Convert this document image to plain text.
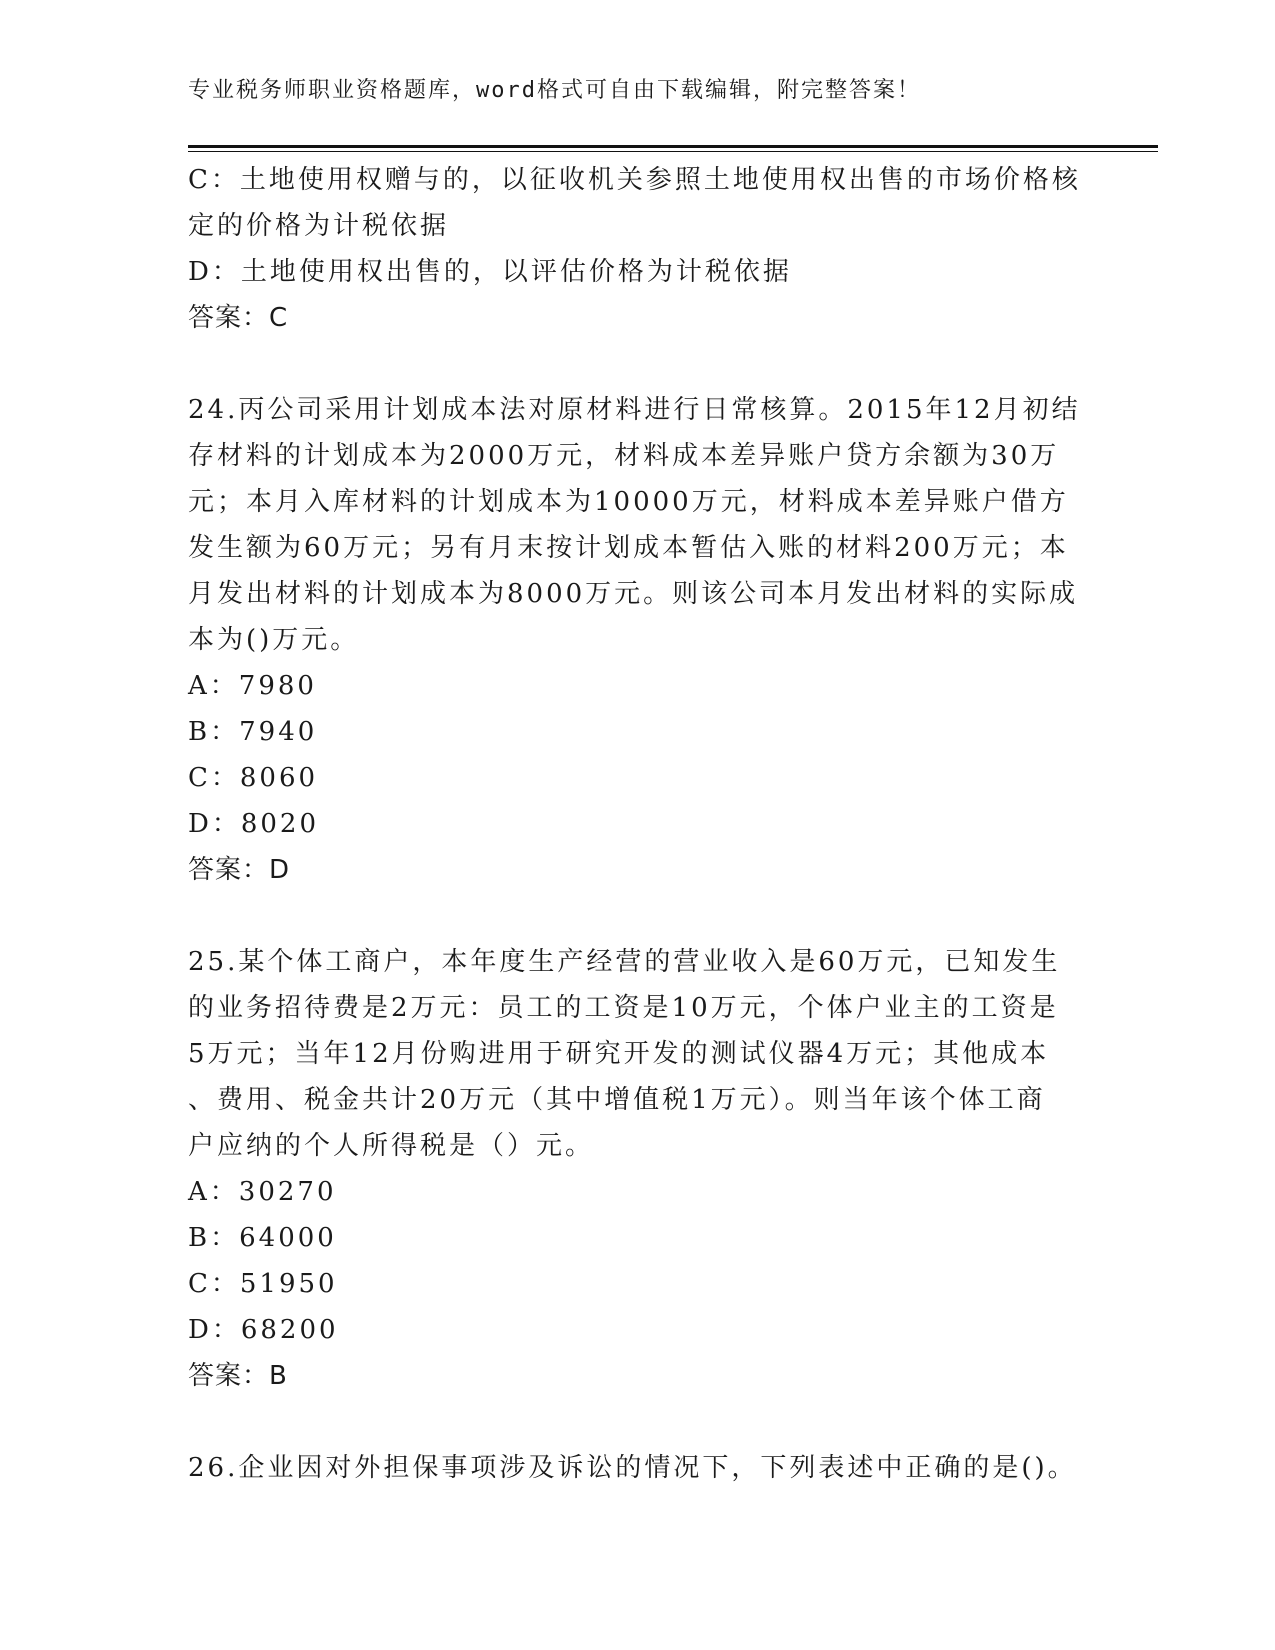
专业税务师职业资格题库，word格式可自由下载编辑，附完整答案！
C：土地使用权赠与的，以征收机关参照土地使用权出售的市场价格核
定的价格为计税依据
D：土地使用权出售的，以评估价格为计税依据
答案：C
24.丙公司采用计划成本法对原材料进行日常核算。2015年12月初结
存材料的计划成本为2000万元，材料成本差异账户贷方余额为30万
元；本月入库材料的计划成本为10000万元，材料成本差异账户借方
发生额为60万元；另有月末按计划成本暂估入账的材料200万元；本
月发出材料的计划成本为8000万元。则该公司本月发出材料的实际成
本为()万元。
A：7980
B：7940
C：8060
D：8020
答案：D
25.某个体工商户，本年度生产经营的营业收入是60万元，已知发生
的业务招待费是2万元：员工的工资是10万元，个体户业主的工资是
5万元；当年12月份购进用于研究开发的测试仪器4万元；其他成本
、费用、税金共计20万元（其中增值税1万元）。则当年该个体工商
户应纳的个人所得税是（）元。
A：30270
B：64000
C：51950
D：68200
答案：B
26.企业因对外担保事项涉及诉讼的情况下，下列表述中正确的是()。
